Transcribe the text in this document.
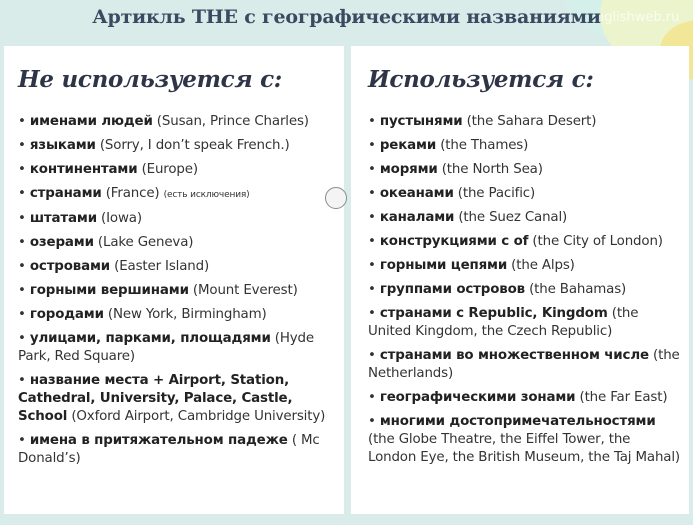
englishweb.ru
Артикль THE с географическими названиями
Не используется с:
• именами людей (Susan, Prince Charles)
• языками (Sorry, I don’t speak French.)
• континентами (Europe)
• странами (France) (есть исключения)
• штатами (Iowa)
• озерами (Lake Geneva)
• островами (Easter Island)
• горными вершинами (Mount Everest)
• городами (New York, Birmingham)
• улицами, парками, площадями (Hyde Park, Red Square)
• название места + Airport, Station, Cathedral, University, Palace, Castle, School (Oxford Airport, Cambridge University)
• имена в притяжательном падеже ( Mc Donald’s)
Используется с:
• пустынями (the Sahara Desert)
• реками (the Thames)
• морями (the North Sea)
• океанами (the Pacific)
• каналами (the Suez Canal)
• конструкциями с of (the City of London)
• горными цепями (the Alps)
• группами островов (the Bahamas)
• странами с Republic, Kingdom (the United Kingdom, the Czech Republic)
• странами во множественном числе (the Netherlands)
• географическими зонами (the Far East)
• многими достопримечательностями (the Globe Theatre, the Eiffel Tower, the London Eye, the British Museum, the Taj Mahal)
